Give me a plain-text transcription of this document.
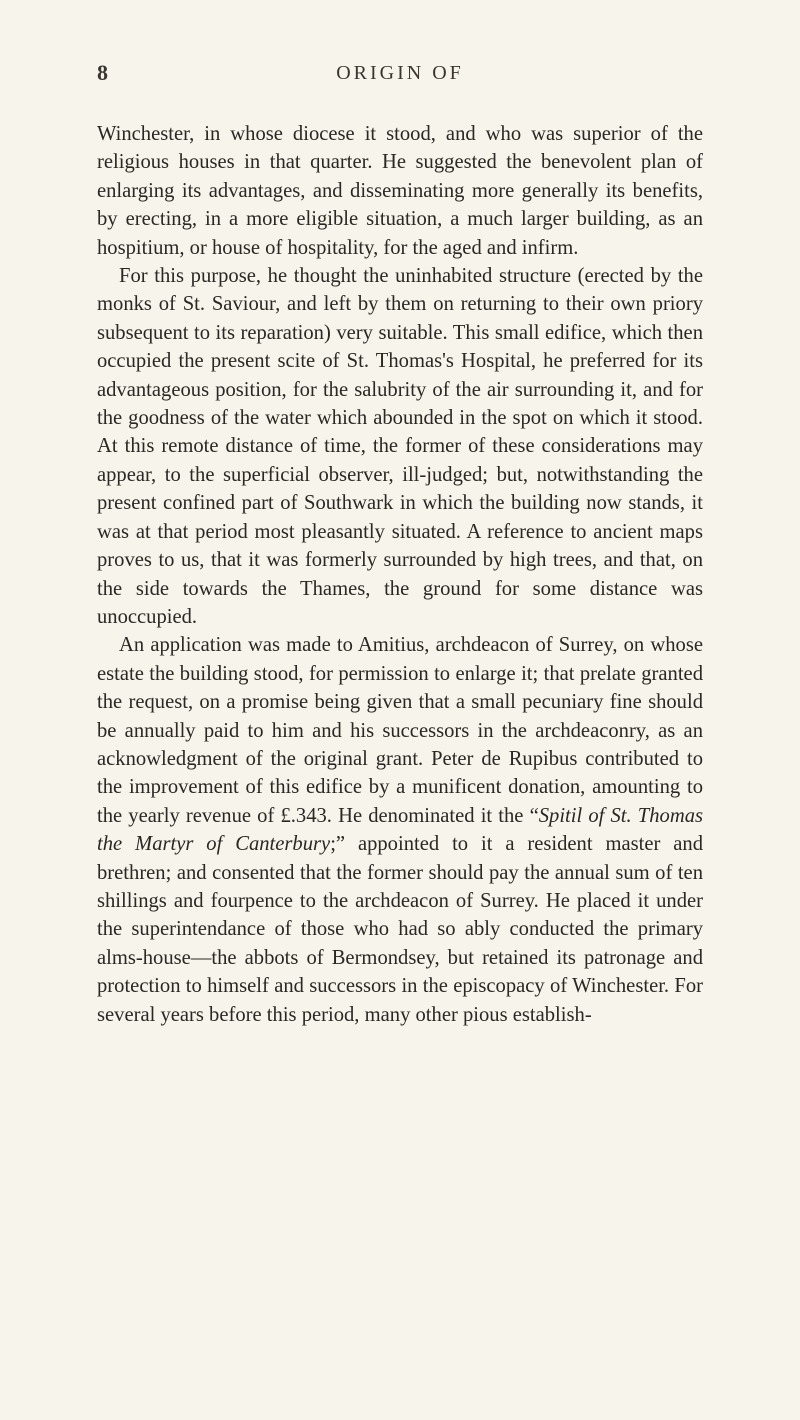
8	ORIGIN OF

Winchester, in whose diocese it stood, and who was superior of the religious houses in that quarter. He suggested the benevolent plan of enlarging its advantages, and disseminating more generally its benefits, by erecting, in a more eligible situation, a much larger building, as an hospitium, or house of hospitality, for the aged and infirm.

For this purpose, he thought the uninhabited structure (erected by the monks of St. Saviour, and left by them on returning to their own priory subsequent to its reparation) very suitable. This small edifice, which then occupied the present scite of St. Thomas's Hospital, he preferred for its advantageous position, for the salubrity of the air surrounding it, and for the goodness of the water which abounded in the spot on which it stood. At this remote distance of time, the former of these considerations may appear, to the superficial observer, ill-judged; but, notwithstanding the present confined part of Southwark in which the building now stands, it was at that period most pleasantly situated. A reference to ancient maps proves to us, that it was formerly surrounded by high trees, and that, on the side towards the Thames, the ground for some distance was unoccupied.

An application was made to Amitius, archdeacon of Surrey, on whose estate the building stood, for permission to enlarge it; that prelate granted the request, on a promise being given that a small pecuniary fine should be annually paid to him and his successors in the archdeaconry, as an acknowledgment of the original grant. Peter de Rupibus contributed to the improvement of this edifice by a munificent donation, amounting to the yearly revenue of £.343. He denominated it the “Spitil of St. Thomas the Martyr of Canterbury;” appointed to it a resident master and brethren; and consented that the former should pay the annual sum of ten shillings and fourpence to the archdeacon of Surrey. He placed it under the superintendance of those who had so ably conducted the primary alms-house—the abbots of Bermondsey, but retained its patronage and protection to himself and successors in the episcopacy of Winchester. For several years before this period, many other pious establish-
